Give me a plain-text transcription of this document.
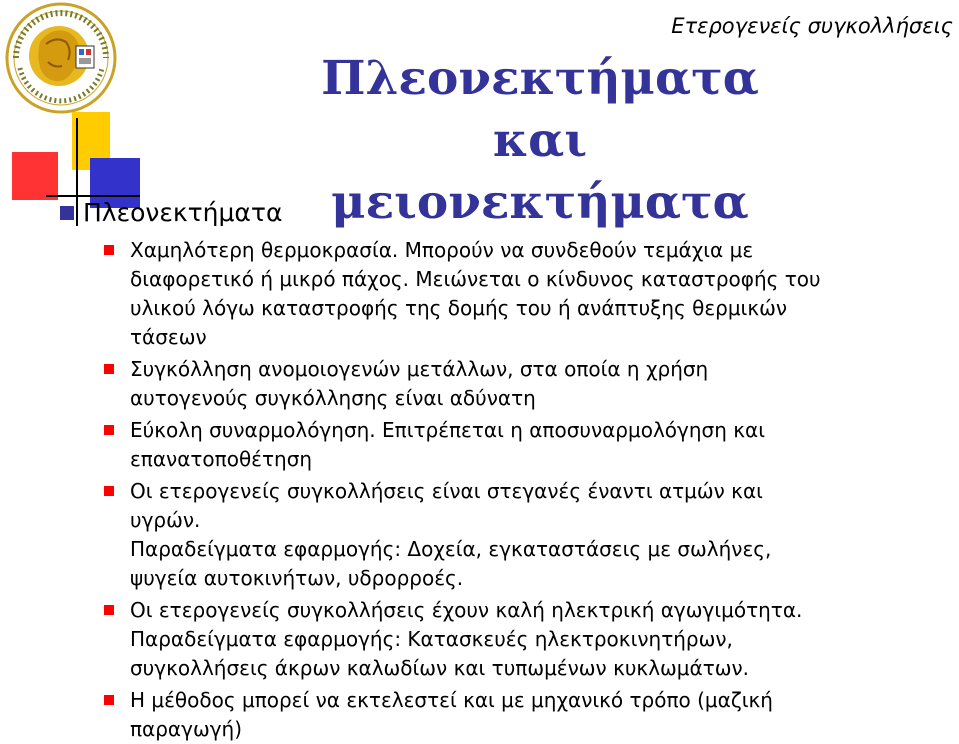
Ετερογενείς συγκολλήσεις
Πλεονεκτήματα και
μειονεκτήματα
Πλεονεκτήματα
Χαμηλότερη θερμοκρασία. Μπορούν να συνδεθούν τεμάχια με
διαφορετικό ή μικρό πάχος. Μειώνεται ο κίνδυνος καταστροφής του
υλικού λόγω καταστροφής της δομής του ή ανάπτυξης θερμικών
τάσεων
Συγκόλληση ανομοιογενών μετάλλων, στα οποία η χρήση
αυτογενούς συγκόλλησης είναι αδύνατη
Εύκολη συναρμολόγηση. Επιτρέπεται η αποσυναρμολόγηση και
επανατοποθέτηση
Οι ετερογενείς συγκολλήσεις είναι στεγανές έναντι ατμών και
υγρών.
Παραδείγματα εφαρμογής: Δοχεία, εγκαταστάσεις με σωλήνες,
ψυγεία αυτοκινήτων, υδρορροές.
Οι ετερογενείς συγκολλήσεις έχουν καλή ηλεκτρική αγωγιμότητα.
Παραδείγματα εφαρμογής: Κατασκευές ηλεκτροκινητήρων,
συγκολλήσεις άκρων καλωδίων και τυπωμένων κυκλωμάτων.
Η μέθοδος μπορεί να εκτελεστεί και με μηχανικό τρόπο (μαζική
παραγωγή)
